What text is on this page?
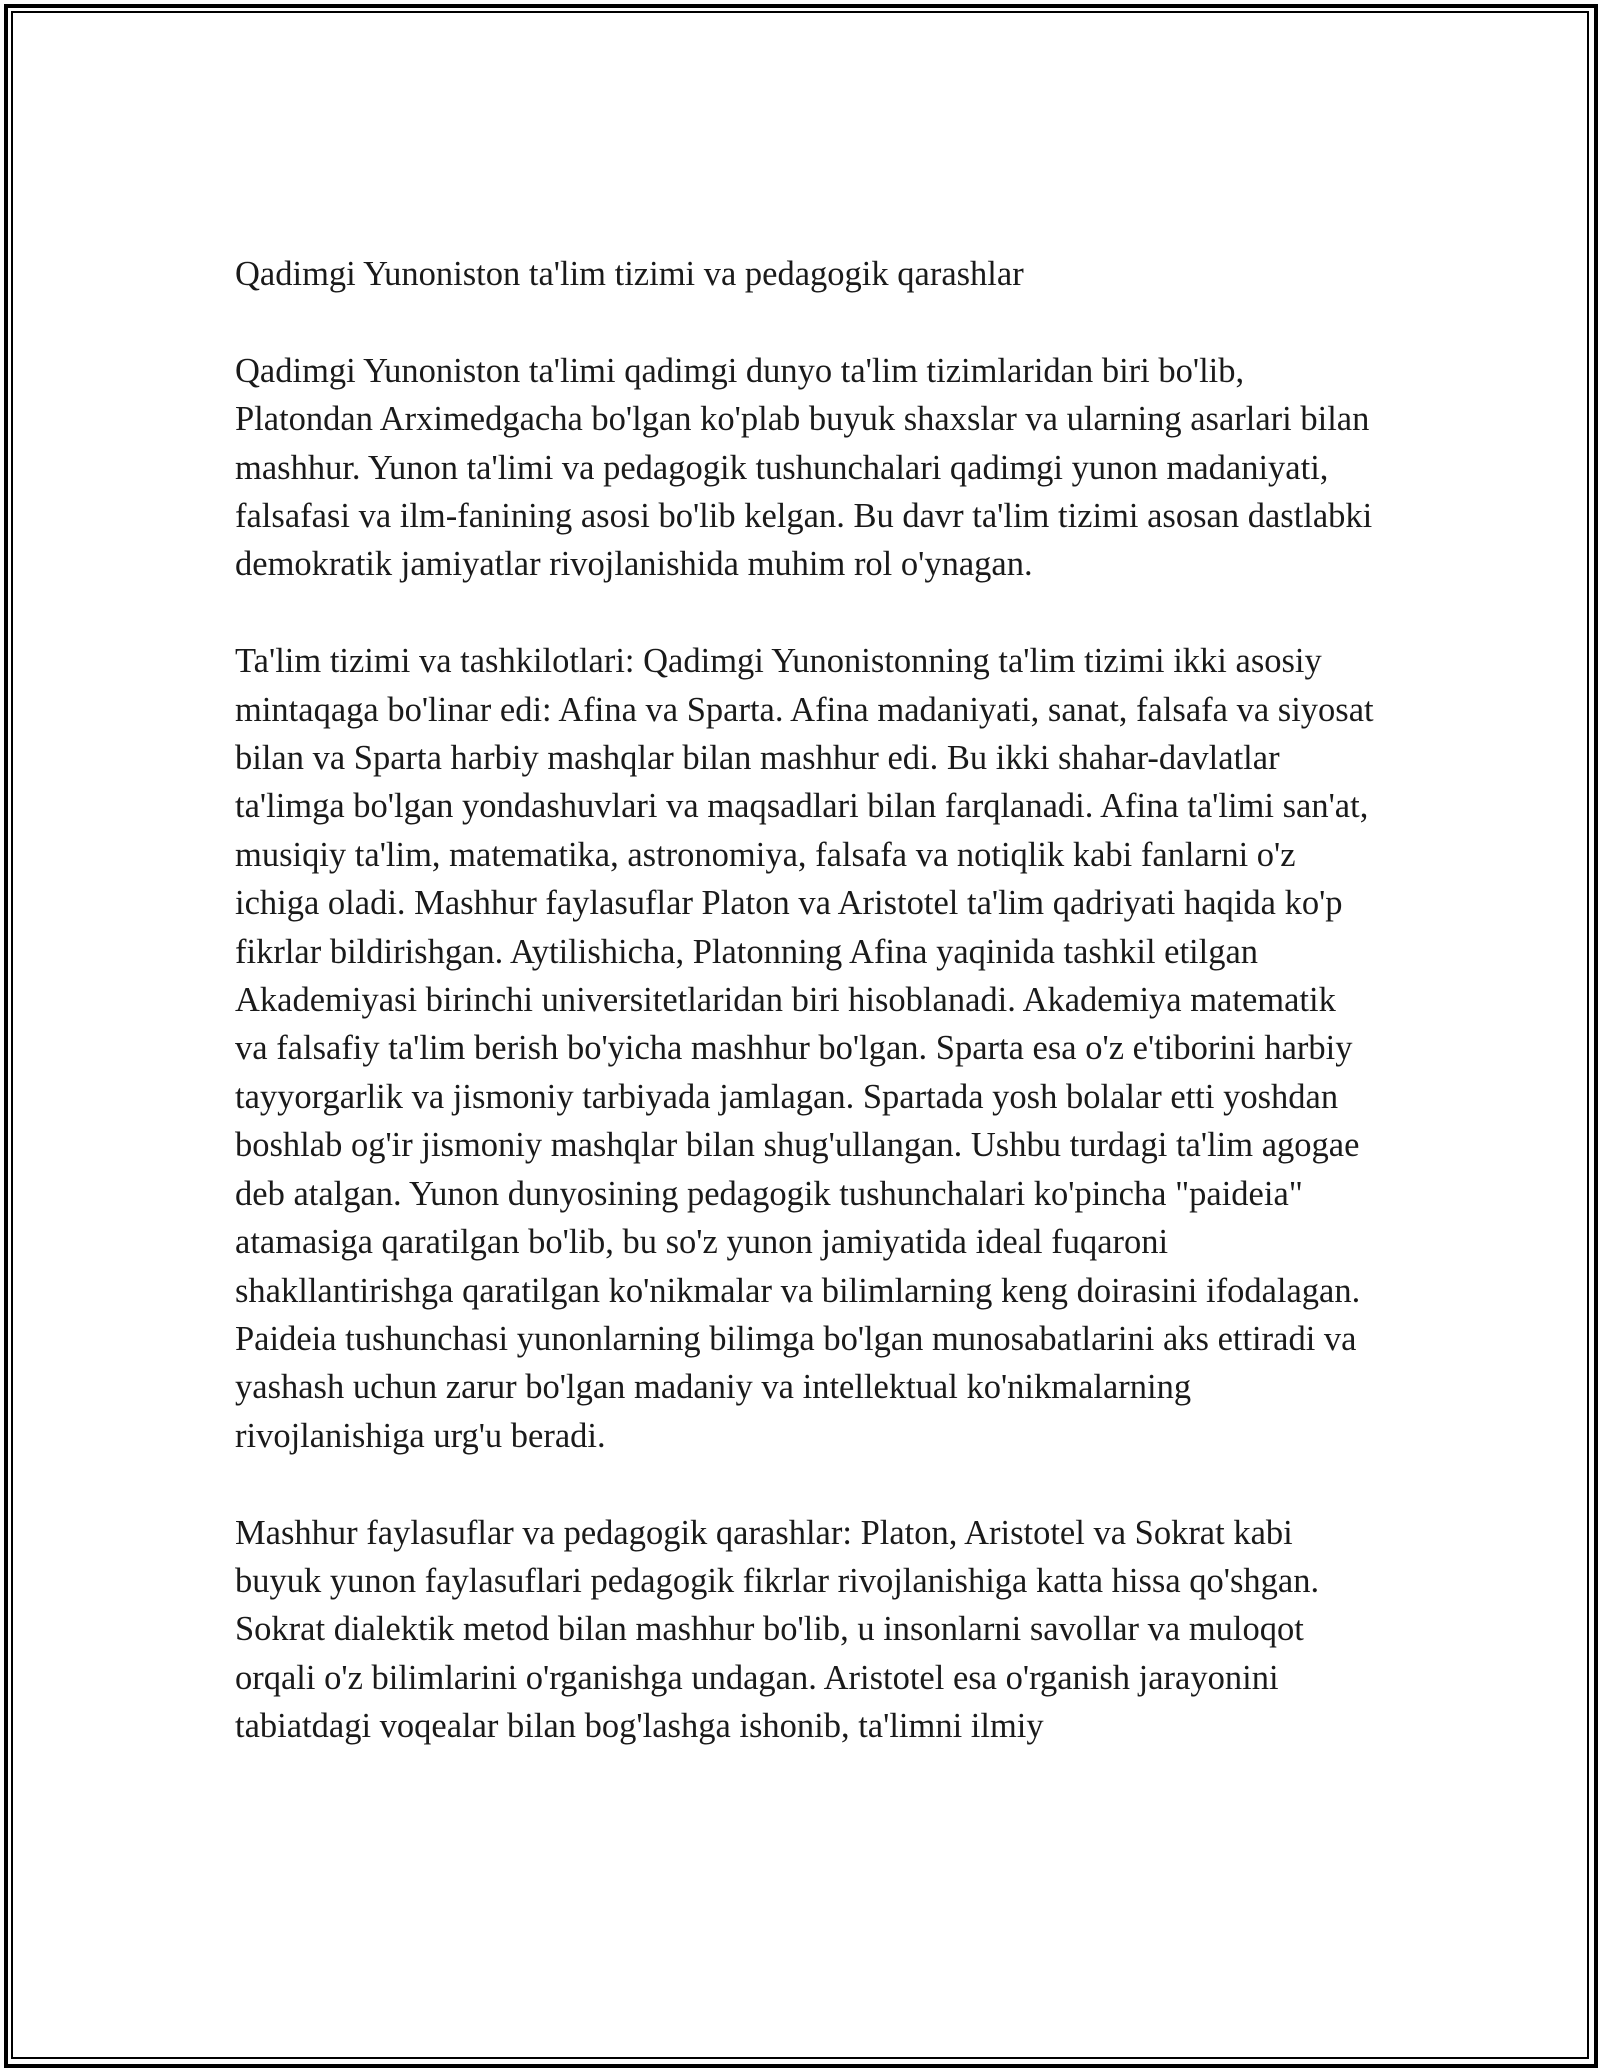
Qadimgi Yunoniston ta'lim tizimi va pedagogik qarashlar

Qadimgi Yunoniston ta'limi qadimgi dunyo ta'lim tizimlaridan biri bo'lib, Platondan Arximedgacha bo'lgan ko'plab buyuk shaxslar va ularning asarlari bilan mashhur. Yunon ta'limi va pedagogik tushunchalari qadimgi yunon madaniyati, falsafasi va ilm-fanining asosi bo'lib kelgan. Bu davr ta'lim tizimi asosan dastlabki demokratik jamiyatlar rivojlanishida muhim rol o'ynagan.

Ta'lim tizimi va tashkilotlari: Qadimgi Yunonistonning ta'lim tizimi ikki asosiy mintaqaga bo'linar edi: Afina va Sparta. Afina madaniyati, sanat, falsafa va siyosat bilan va Sparta harbiy mashqlar bilan mashhur edi. Bu ikki shahar-davlatlar ta'limga bo'lgan yondashuvlari va maqsadlari bilan farqlanadi. Afina ta'limi san'at, musiqiy ta'lim, matematika, astronomiya, falsafa va notiqlik kabi fanlarni o'z ichiga oladi. Mashhur faylasuflar Platon va Aristotel ta'lim qadriyati haqida ko'p fikrlar bildirishgan. Aytilishicha, Platonning Afina yaqinida tashkil etilgan Akademiyasi birinchi universitetlaridan biri hisoblanadi. Akademiya matematik va falsafiy ta'lim berish bo'yicha mashhur bo'lgan. Sparta esa o'z e'tiborini harbiy tayyorgarlik va jismoniy tarbiyada jamlagan. Spartada yosh bolalar etti yoshdan boshlab og'ir jismoniy mashqlar bilan shug'ullangan. Ushbu turdagi ta'lim agogae deb atalgan. Yunon dunyosining pedagogik tushunchalari ko'pincha "paideia" atamasiga qaratilgan bo'lib, bu so'z yunon jamiyatida ideal fuqaroni shakllantirishga qaratilgan ko'nikmalar va bilimlarning keng doirasini ifodalagan. Paideia tushunchasi yunonlarning bilimga bo'lgan munosabatlarini aks ettiradi va yashash uchun zarur bo'lgan madaniy va intellektual ko'nikmalarning rivojlanishiga urg'u beradi.

Mashhur faylasuflar va pedagogik qarashlar: Platon, Aristotel va Sokrat kabi buyuk yunon faylasuflari pedagogik fikrlar rivojlanishiga katta hissa qo'shgan. Sokrat dialektik metod bilan mashhur bo'lib, u insonlarni savollar va muloqot orqali o'z bilimlarini o'rganishga undagan. Aristotel esa o'rganish jarayonini tabiatdagi voqealar bilan bog'lashga ishonib, ta'limni ilmiy
